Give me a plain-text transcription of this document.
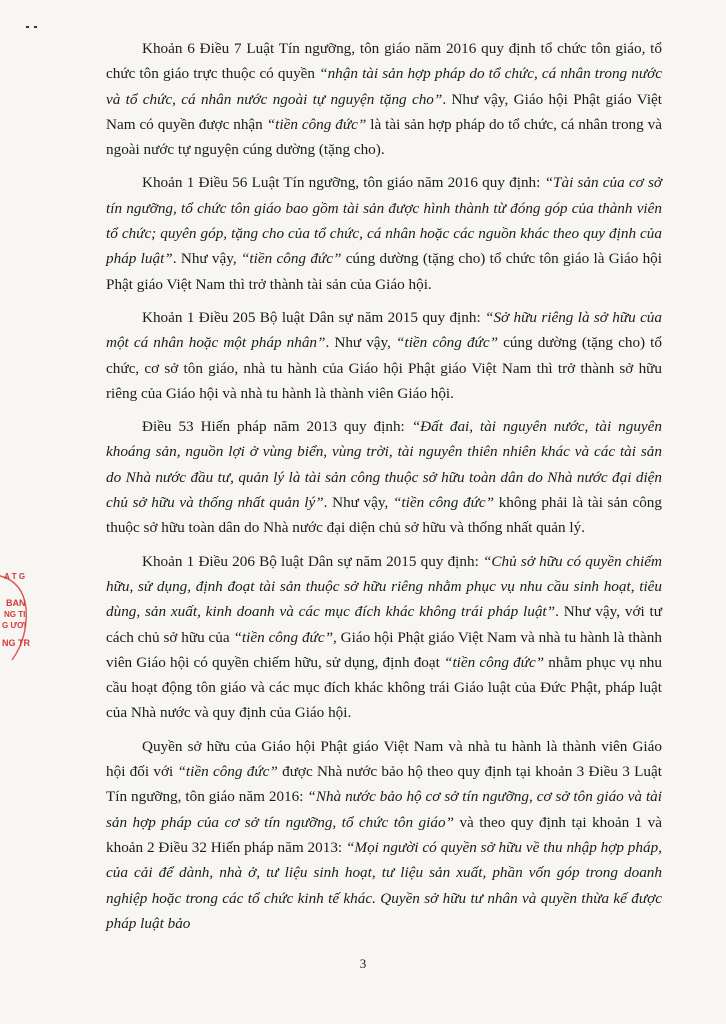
A T G
BAN
NG TI
G ƯƠI
NG TR

Khoản 6 Điều 7 Luật Tín ngưỡng, tôn giáo năm 2016 quy định tổ chức tôn giáo, tổ chức tôn giáo trực thuộc có quyền “nhận tài sản hợp pháp do tổ chức, cá nhân trong nước và tổ chức, cá nhân nước ngoài tự nguyện tặng cho”. Như vậy, Giáo hội Phật giáo Việt Nam có quyền được nhận “tiền công đức” là tài sản hợp pháp do tổ chức, cá nhân trong và ngoài nước tự nguyện cúng dường (tặng cho).

Khoản 1 Điều 56 Luật Tín ngưỡng, tôn giáo năm 2016 quy định: “Tài sản của cơ sở tín ngưỡng, tổ chức tôn giáo bao gồm tài sản được hình thành từ đóng góp của thành viên tổ chức; quyên góp, tặng cho của tổ chức, cá nhân hoặc các nguồn khác theo quy định của pháp luật”. Như vậy, “tiền công đức” cúng dường (tặng cho) tổ chức tôn giáo là Giáo hội Phật giáo Việt Nam thì trở thành tài sản của Giáo hội.

Khoản 1 Điều 205 Bộ luật Dân sự năm 2015 quy định: “Sở hữu riêng là sở hữu của một cá nhân hoặc một pháp nhân”. Như vậy, “tiền công đức” cúng dường (tặng cho) tổ chức, cơ sở tôn giáo, nhà tu hành của Giáo hội Phật giáo Việt Nam thì trở thành sở hữu riêng của Giáo hội và nhà tu hành là thành viên Giáo hội.

Điều 53 Hiến pháp năm 2013 quy định: “Đất đai, tài nguyên nước, tài nguyên khoáng sản, nguồn lợi ở vùng biển, vùng trời, tài nguyên thiên nhiên khác và các tài sản do Nhà nước đầu tư, quản lý là tài sản công thuộc sở hữu toàn dân do Nhà nước đại diện chủ sở hữu và thống nhất quản lý”. Như vậy, “tiền công đức” không phải là tài sản công thuộc sở hữu toàn dân do Nhà nước đại diện chủ sở hữu và thống nhất quản lý.

Khoản 1 Điều 206 Bộ luật Dân sự năm 2015 quy định: “Chủ sở hữu có quyền chiếm hữu, sử dụng, định đoạt tài sản thuộc sở hữu riêng nhằm phục vụ nhu cầu sinh hoạt, tiêu dùng, sản xuất, kinh doanh và các mục đích khác không trái pháp luật”. Như vậy, với tư cách chủ sở hữu của “tiền công đức”, Giáo hội Phật giáo Việt Nam và nhà tu hành là thành viên Giáo hội có quyền chiếm hữu, sử dụng, định đoạt “tiền công đức” nhằm phục vụ nhu cầu hoạt động tôn giáo và các mục đích khác không trái Giáo luật của Đức Phật, pháp luật của Nhà nước và quy định của Giáo hội.

Quyền sở hữu của Giáo hội Phật giáo Việt Nam và nhà tu hành là thành viên Giáo hội đối với “tiền công đức” được Nhà nước bảo hộ theo quy định tại khoản 3 Điều 3 Luật Tín ngưỡng, tôn giáo năm 2016: “Nhà nước bảo hộ cơ sở tín ngưỡng, cơ sở tôn giáo và tài sản hợp pháp của cơ sở tín ngưỡng, tổ chức tôn giáo” và theo quy định tại khoản 1 và khoản 2 Điều 32 Hiến pháp năm 2013: “Mọi người có quyền sở hữu về thu nhập hợp pháp, của cải để dành, nhà ở, tư liệu sinh hoạt, tư liệu sản xuất, phần vốn góp trong doanh nghiệp hoặc trong các tổ chức kinh tế khác. Quyền sở hữu tư nhân và quyền thừa kế được pháp luật bảo

3
